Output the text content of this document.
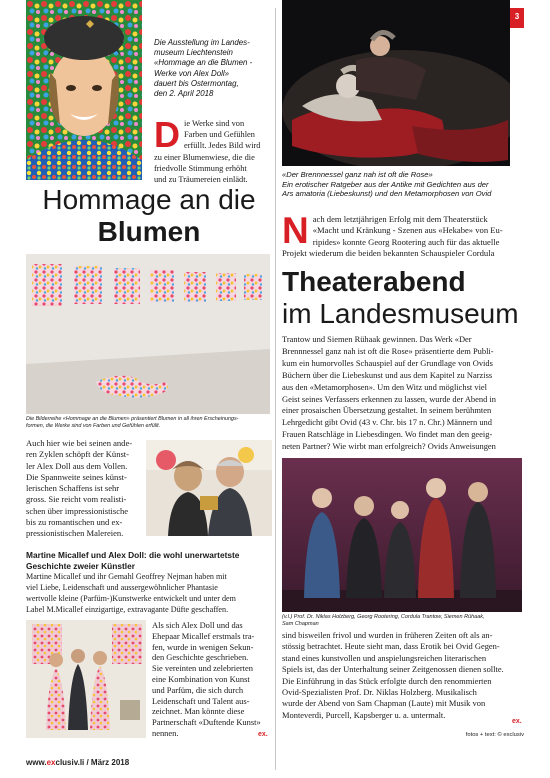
Die Ausstellung im Landes-
museum Liechtenstein
«Hommage an die Blumen -
Werke von Alex Doll»
dauert bis Ostermontag,
den 2. April 2018
D ie Werke sind von
Farben und Gefühlen
erfüllt. Jedes Bild wird
zu einer Blumenwiese, die die
friedvolle Stimmung erhöht
und zu Träumereien einlädt.
Hommage an die
Blumen
Die Bilderreihe «Hommage an die Blumen» präsentiert Blumen in all ihren Erscheinungs-
formen, die Werke sind von Farben und Gefühlen erfüllt.
Auch hier wie bei seinen ande-
ren Zyklen schöpft der Künst-
ler Alex Doll aus dem Vollen.
Die Spannweite seines künst-
lerischen Schaffens ist sehr
gross. Sie reicht vom realisti-
schen über impressionistische
bis zu romantischen und ex-
pressionistischen Malereien.
Martine Micallef und Alex Doll: die wohl unerwartetste
Geschichte zweier Künstler
Martine Micallef und ihr Gemahl Geoffrey Nejman haben mit
viel Liebe, Leidenschaft und aussergewöhnlicher Phantasie
wertvolle kleine (Parfüm-)Kunstwerke entwickelt und unter dem
Label M.Micallef einzigartige, extravagante Düfte geschaffen.
Als sich Alex Doll und das
Ehepaar Micallef erstmals tra-
fen, wurde in wenigen Sekun-
den Geschichte geschrieben.
Sie vereinten und zelebrierten
eine Kombination von Kunst
und Parfüm, die sich durch
Leidenschaft und Talent aus-
zeichnet. Man könnte diese
Partnerschaft «Duftende Kunst»
nennen.	ex.
www.exclusiv.li / März 2018
3
«Der Brennnessel ganz nah ist oft die Rose»
Ein erotischer Ratgeber aus der Antike mit Gedichten aus der
Ars amatoria (Liebeskunst) und den Metamorphosen von Ovid
N ach dem letztjährigen Erfolg mit dem Theaterstück
«Macht und Kränkung - Szenen aus «Hekabe» von Eu-
ripides» konnte Georg Rootering auch für das aktuelle
Projekt wiederum die beiden bekannten Schauspieler Cordula
Theaterabend
im Landesmuseum
Trantow und Siemen Rühaak gewinnen. Das Werk «Der
Brennnessel ganz nah ist oft die Rose» präsentierte dem Publi-
kum ein humorvolles Schauspiel auf der Grundlage von Ovids
Büchern über die Liebeskunst und aus dem Kapitel zu Narziss
aus den «Metamorphosen». Um den Witz und möglichst viel
Geist seines Verfassers erkennen zu lassen, wurde der Abend in
einer prosaischen Übersetzung gestaltet. In seinem berühmten
Lehrgedicht gibt Ovid (43 v. Chr. bis 17 n. Chr.) Männern und
Frauen Ratschläge in Liebesdingen. Wo findet man den geeig-
neten Partner? Wie wirbt man erfolgreich? Ovids Anweisungen
(v.l.) Prof. Dr. Niklas Holzberg, Georg Rootering, Cordula Trantow, Siemen Rühaak,
Sam Chapman
sind bisweilen frivol und wurden in früheren Zeiten oft als an-
stössig betrachtet. Heute sieht man, dass Erotik bei Ovid Gegen-
stand eines kunstvollen und anspielungsreichen literarischen
Spiels ist, das der Unterhaltung seiner Zeitgenossen dienen sollte.
Die Einführung in das Stück erfolgte durch den renommierten
Ovid-Spezialisten Prof. Dr. Niklas Holzberg. Musikalisch
wurde der Abend von Sam Chapman (Laute) mit Musik von
Monteverdi, Purcell, Kapsberger u. a. untermalt.
ex.
fotos + text: © exclusiv
